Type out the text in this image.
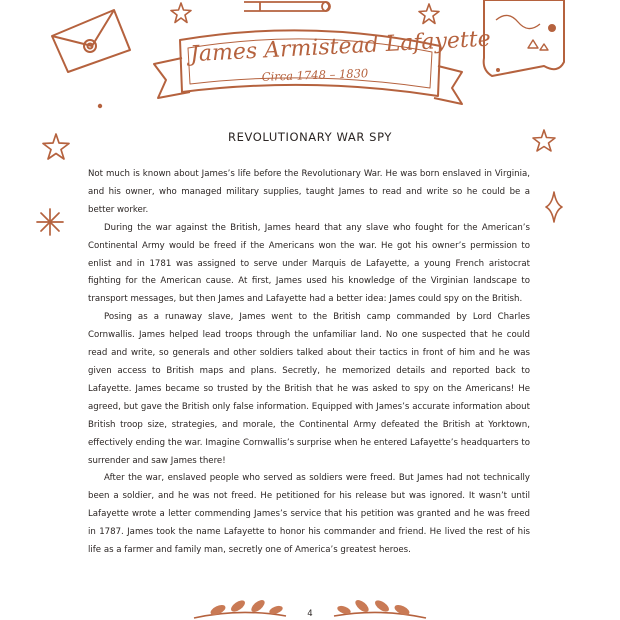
James Armistead Lafayette
Circa 1748 – 1830
REVOLUTIONARY WAR SPY

Not much is known about James’s life before the Revolutionary War. He was born enslaved in Virginia, and his owner, who managed military supplies, taught James to read and write so he could be a better worker.

During the war against the British, James heard that any slave who fought for the American’s Continental Army would be freed if the Americans won the war. He got his owner’s permission to enlist and in 1781 was assigned to serve under Marquis de Lafayette, a young French aristocrat fighting for the American cause. At first, James used his knowledge of the Virginian landscape to transport messages, but then James and Lafayette had a better idea: James could spy on the British.

Posing as a runaway slave, James went to the British camp commanded by Lord Charles Cornwallis. James helped lead troops through the unfamiliar land. No one suspected that he could read and write, so generals and other soldiers talked about their tactics in front of him and he was given access to British maps and plans. Secretly, he memorized details and reported back to Lafayette. James became so trusted by the British that he was asked to spy on the Americans! He agreed, but gave the British only false information. Equipped with James’s accurate information about British troop size, strategies, and morale, the Continental Army defeated the British at Yorktown, effectively ending the war. Imagine Cornwallis’s surprise when he entered Lafayette’s headquarters to surrender and saw James there!

After the war, enslaved people who served as soldiers were freed. But James had not technically been a soldier, and he was not freed. He petitioned for his release but was ignored. It wasn’t until Lafayette wrote a letter commending James’s service that his petition was granted and he was freed in 1787. James took the name Lafayette to honor his commander and friend. He lived the rest of his life as a farmer and family man, secretly one of America’s greatest heroes.

4
